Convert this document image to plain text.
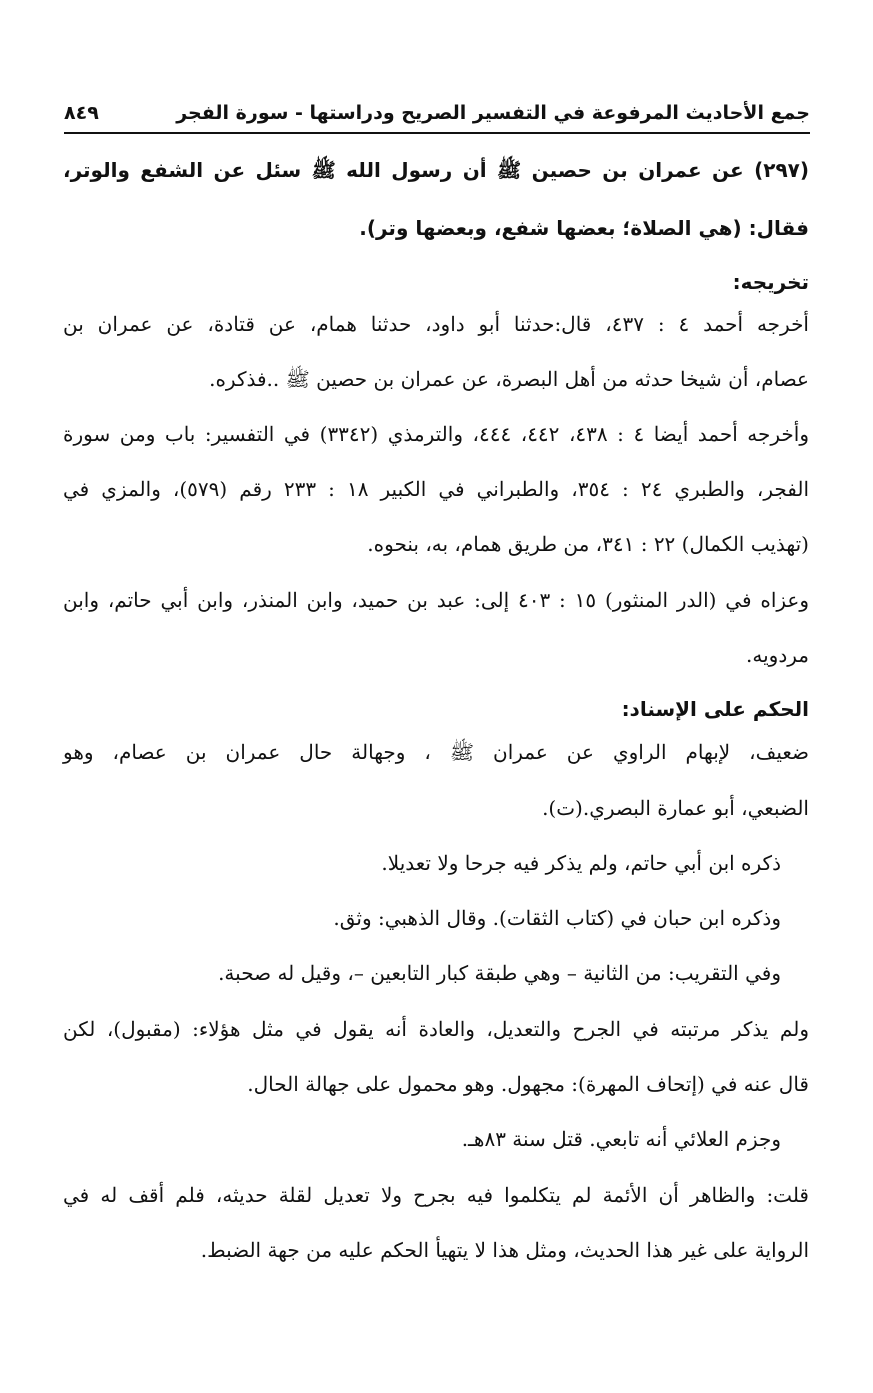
جمع الأحاديث المرفوعة في التفسير الصريح ودراستها - سورة الفجر
٨٤٩
(٢٩٧) عن عمران بن حصين ﷺ أن رسول الله ﷺ سئل عن الشفع والوتر،
فقال: (هي الصلاة؛ بعضها شفع، وبعضها وتر).
تخريجه:
أخرجه أحمد ٤ : ٤٣٧، قال:حدثنا أبو داود، حدثنا همام، عن قتادة، عن عمران بن
عصام، أن شيخا حدثه من أهل البصرة، عن عمران بن حصين ﷺ ..فذكره.
وأخرجه أحمد أيضا ٤ : ٤٣٨، ٤٤٢، ٤٤٤، والترمذي (٣٣٤٢) في التفسير: باب ومن سورة
الفجر، والطبري ٢٤ : ٣٥٤، والطبراني في الكبير ١٨ : ٢٣٣ رقم (٥٧٩)، والمزي في
(تهذيب الكمال) ٢٢ : ٣٤١، من طريق همام، به، بنحوه.
وعزاه في (الدر المنثور) ١٥ : ٤٠٣ إلى: عبد بن حميد، وابن المنذر، وابن أبي حاتم، وابن
مردويه.
الحكم على الإسناد:
ضعيف، لإبهام الراوي عن عمران ﷺ ، وجهالة حال عمران بن عصام، وهو
الضبعي، أبو عمارة البصري.(ت).
ذكره ابن أبي حاتم، ولم يذكر فيه جرحا ولا تعديلا.
وذكره ابن حبان في (كتاب الثقات). وقال الذهبي: وثق.
وفي التقريب: من الثانية – وهي طبقة كبار التابعين –، وقيل له صحبة.
ولم يذكر مرتبته في الجرح والتعديل، والعادة أنه يقول في مثل هؤلاء: (مقبول)، لكن
قال عنه في (إتحاف المهرة): مجهول. وهو محمول على جهالة الحال.
وجزم العلائي أنه تابعي. قتل سنة ٨٣هـ.
قلت: والظاهر أن الأئمة لم يتكلموا فيه بجرح ولا تعديل لقلة حديثه، فلم أقف له في
الرواية على غير هذا الحديث، ومثل هذا لا يتهيأ الحكم عليه من جهة الضبط.
